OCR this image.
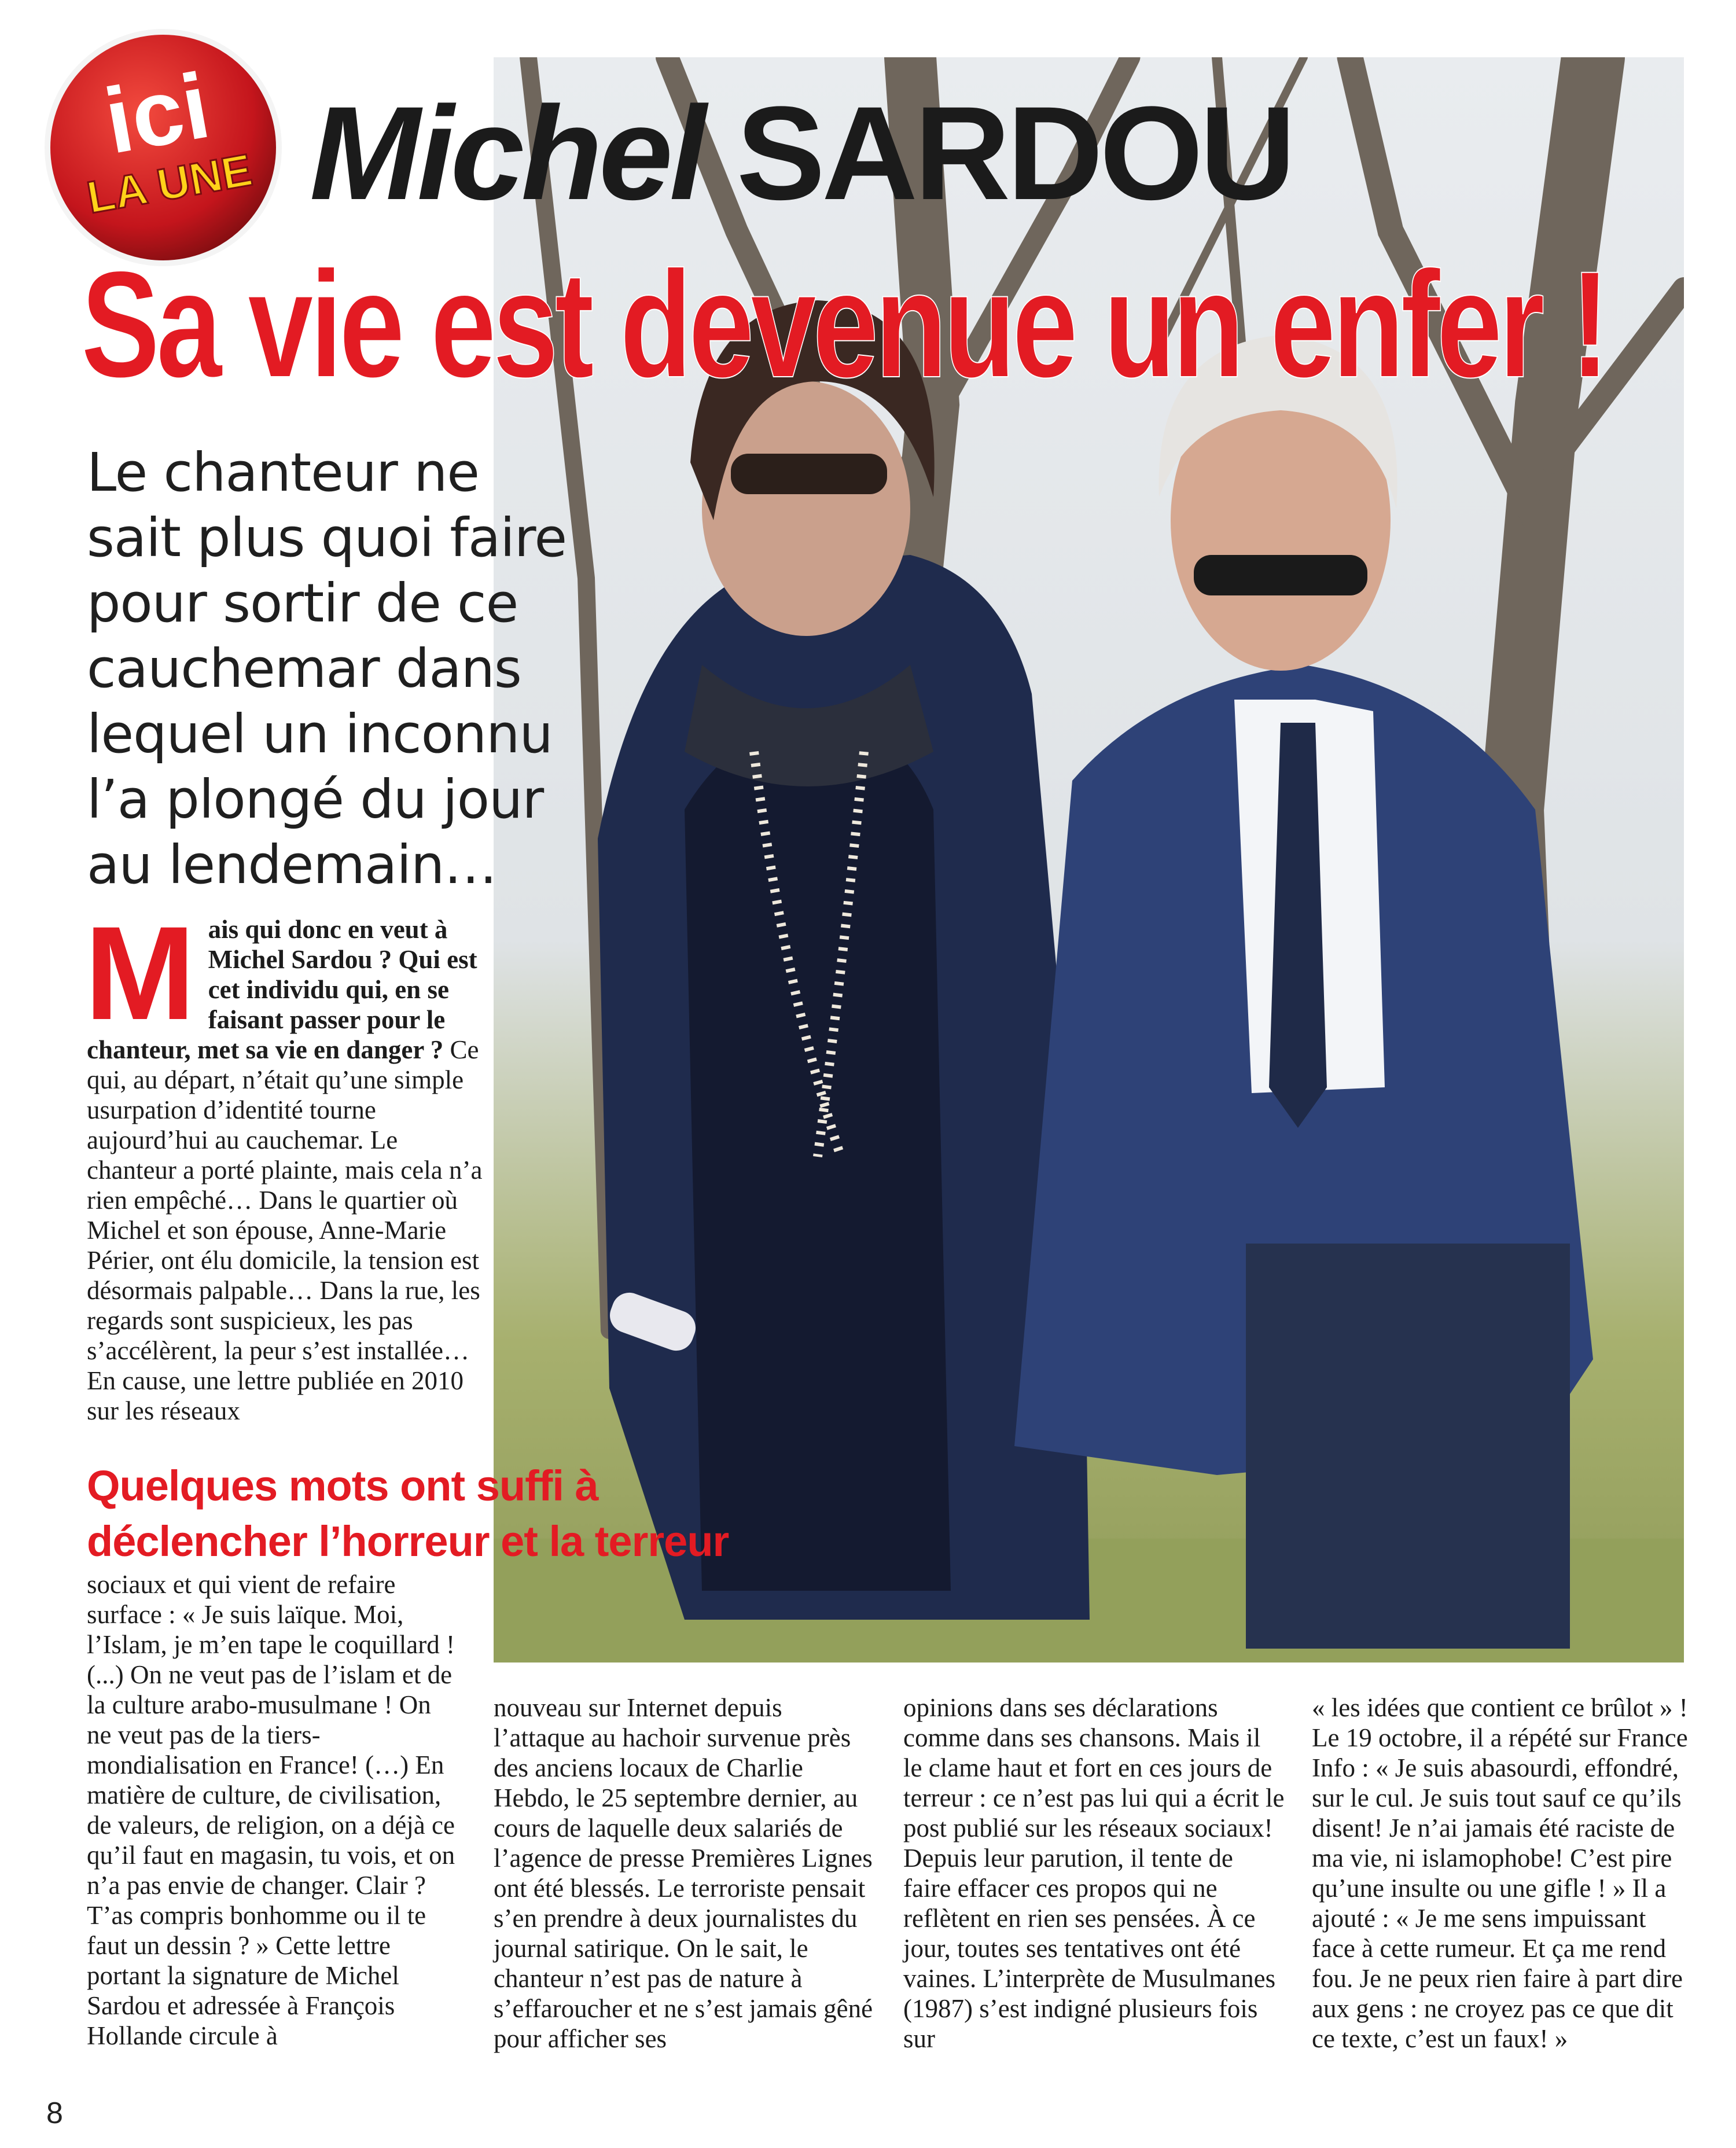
ici
LA UNE Michel SARDOU
Sa vie est devenue un enfer !
Le chanteur ne sait plus quoi faire pour sortir de ce cauchemar dans lequel un inconnu l’a plongé du jour au lendemain…
M ais qui donc en veut à Michel Sardou ? Qui est cet individu qui, en se faisant passer pour le chanteur, met sa vie en danger ? Ce qui, au départ, n’était qu’une simple usurpation d’identité tourne aujourd’hui au cauchemar. Le chanteur a porté plainte, mais cela n’a rien empêché… Dans le quartier où Michel et son épouse, Anne-Marie Périer, ont élu domicile, la tension est désormais palpable… Dans la rue, les regards sont suspicieux, les pas s’accélèrent, la peur s’est installée… En cause, une lettre publiée en 2010 sur les réseaux
Quelques mots ont suffi à déclencher l’horreur et la terreur
sociaux et qui vient de refaire surface : « Je suis laïque. Moi, l’Islam, je m’en tape le coquillard ! (...) On ne veut pas de l’islam et de la culture arabo-musulmane ! On ne veut pas de la tiers-mondialisation en France! (…) En matière de culture, de civilisation, de valeurs, de religion, on a déjà ce qu’il faut en magasin, tu vois, et on n’a pas envie de changer. Clair ? T’as compris bonhomme ou il te faut un dessin ? » Cette lettre portant la signature de Michel Sardou et adressée à François Hollande circule à
nouveau sur Internet depuis l’attaque au hachoir survenue près des anciens locaux de Charlie Hebdo, le 25 septembre dernier, au cours de laquelle deux salariés de l’agence de presse Premières Lignes ont été blessés. Le terroriste pensait s’en prendre à deux journalistes du journal satirique. On le sait, le chanteur n’est pas de nature à s’effaroucher et ne s’est jamais gêné pour afficher ses
opinions dans ses déclarations comme dans ses chansons. Mais il le clame haut et fort en ces jours de terreur : ce n’est pas lui qui a écrit le post publié sur les réseaux sociaux! Depuis leur parution, il tente de faire effacer ces propos qui ne reflètent en rien ses pensées. À ce jour, toutes ses tentatives ont été vaines. L’interprète de Musulmanes (1987) s’est indigné plusieurs fois sur
« les idées que contient ce brûlot » ! Le 19 octobre, il a répété sur France Info : « Je suis abasourdi, effondré, sur le cul. Je suis tout sauf ce qu’ils disent! Je n’ai jamais été raciste de ma vie, ni islamophobe! C’est pire qu’une insulte ou une gifle ! » Il a ajouté : « Je me sens impuissant face à cette rumeur. Et ça me rend fou. Je ne peux rien faire à part dire aux gens : ne croyez pas ce que dit ce texte, c’est un faux! »
8
